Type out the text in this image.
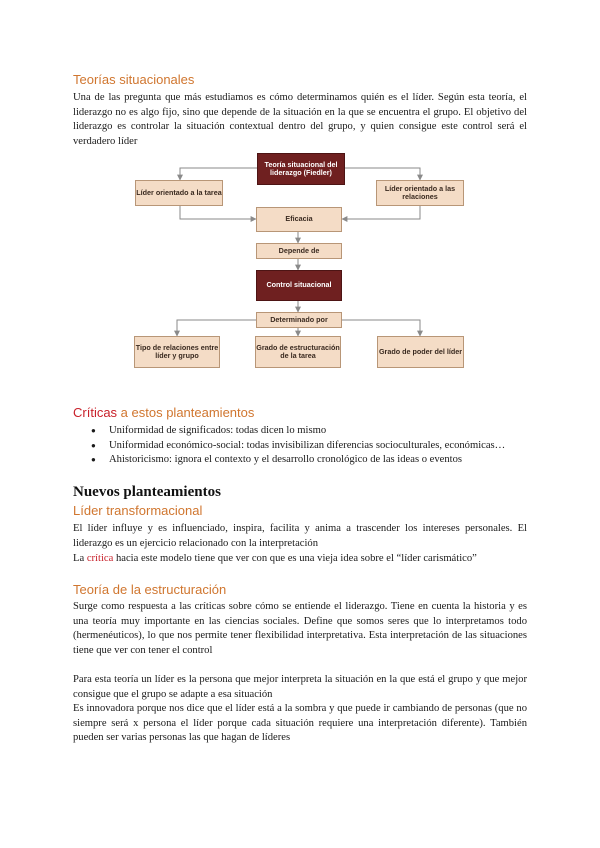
Teorías situacionales

Una de las pregunta que más estudiamos es cómo determinamos quién es el líder. Según esta teoría, el liderazgo no es algo fijo, sino que depende de la situación en la que se encuentra el grupo. El objetivo del liderazgo es controlar la situación contextual dentro del grupo, y quien consigue este control será el verdadero líder

Teoría situacional del liderazgo (Fiedler)
Líder orientado a la tarea	Líder orientado a las relaciones
Eficacia
Depende de
Control situacional
Determinado por
Tipo de relaciones entre líder y grupo
Grado de estructuración de la tarea	Grado de poder del líder
Críticas a estos planteamientos
● Uniformidad de significados: todas dicen lo mismo
● Uniformidad económico-social: todas invisibilizan diferencias socioculturales, económicas…
● Ahistoricismo: ignora el contexto y el desarrollo cronológico de las ideas o eventos
Nuevos planteamientos
Líder transformacional

El líder influye y es influenciado, inspira, facilita y anima a trascender los intereses personales. El liderazgo es un ejercicio relacionado con la interpretación

La crítica hacia este modelo tiene que ver con que es una vieja idea sobre el “líder carismático”

Teoría de la estructuración

Surge como respuesta a las críticas sobre cómo se entiende el liderazgo. Tiene en cuenta la historia y es una teoría muy importante en las ciencias sociales. Define que somos seres que lo interpretamos todo (hermenéuticos), lo que nos permite tener flexibilidad interpretativa. Esta interpretación de las situaciones tiene que ver con tener el control

Para esta teoría un líder es la persona que mejor interpreta la situación en la que está el grupo y que mejor consigue que el grupo se adapte a esa situación

Es innovadora porque nos dice que el líder está a la sombra y que puede ir cambiando de personas (que no siempre será x persona el líder porque cada situación requiere una interpretación diferente). También pueden ser varias personas las que hagan de líderes
